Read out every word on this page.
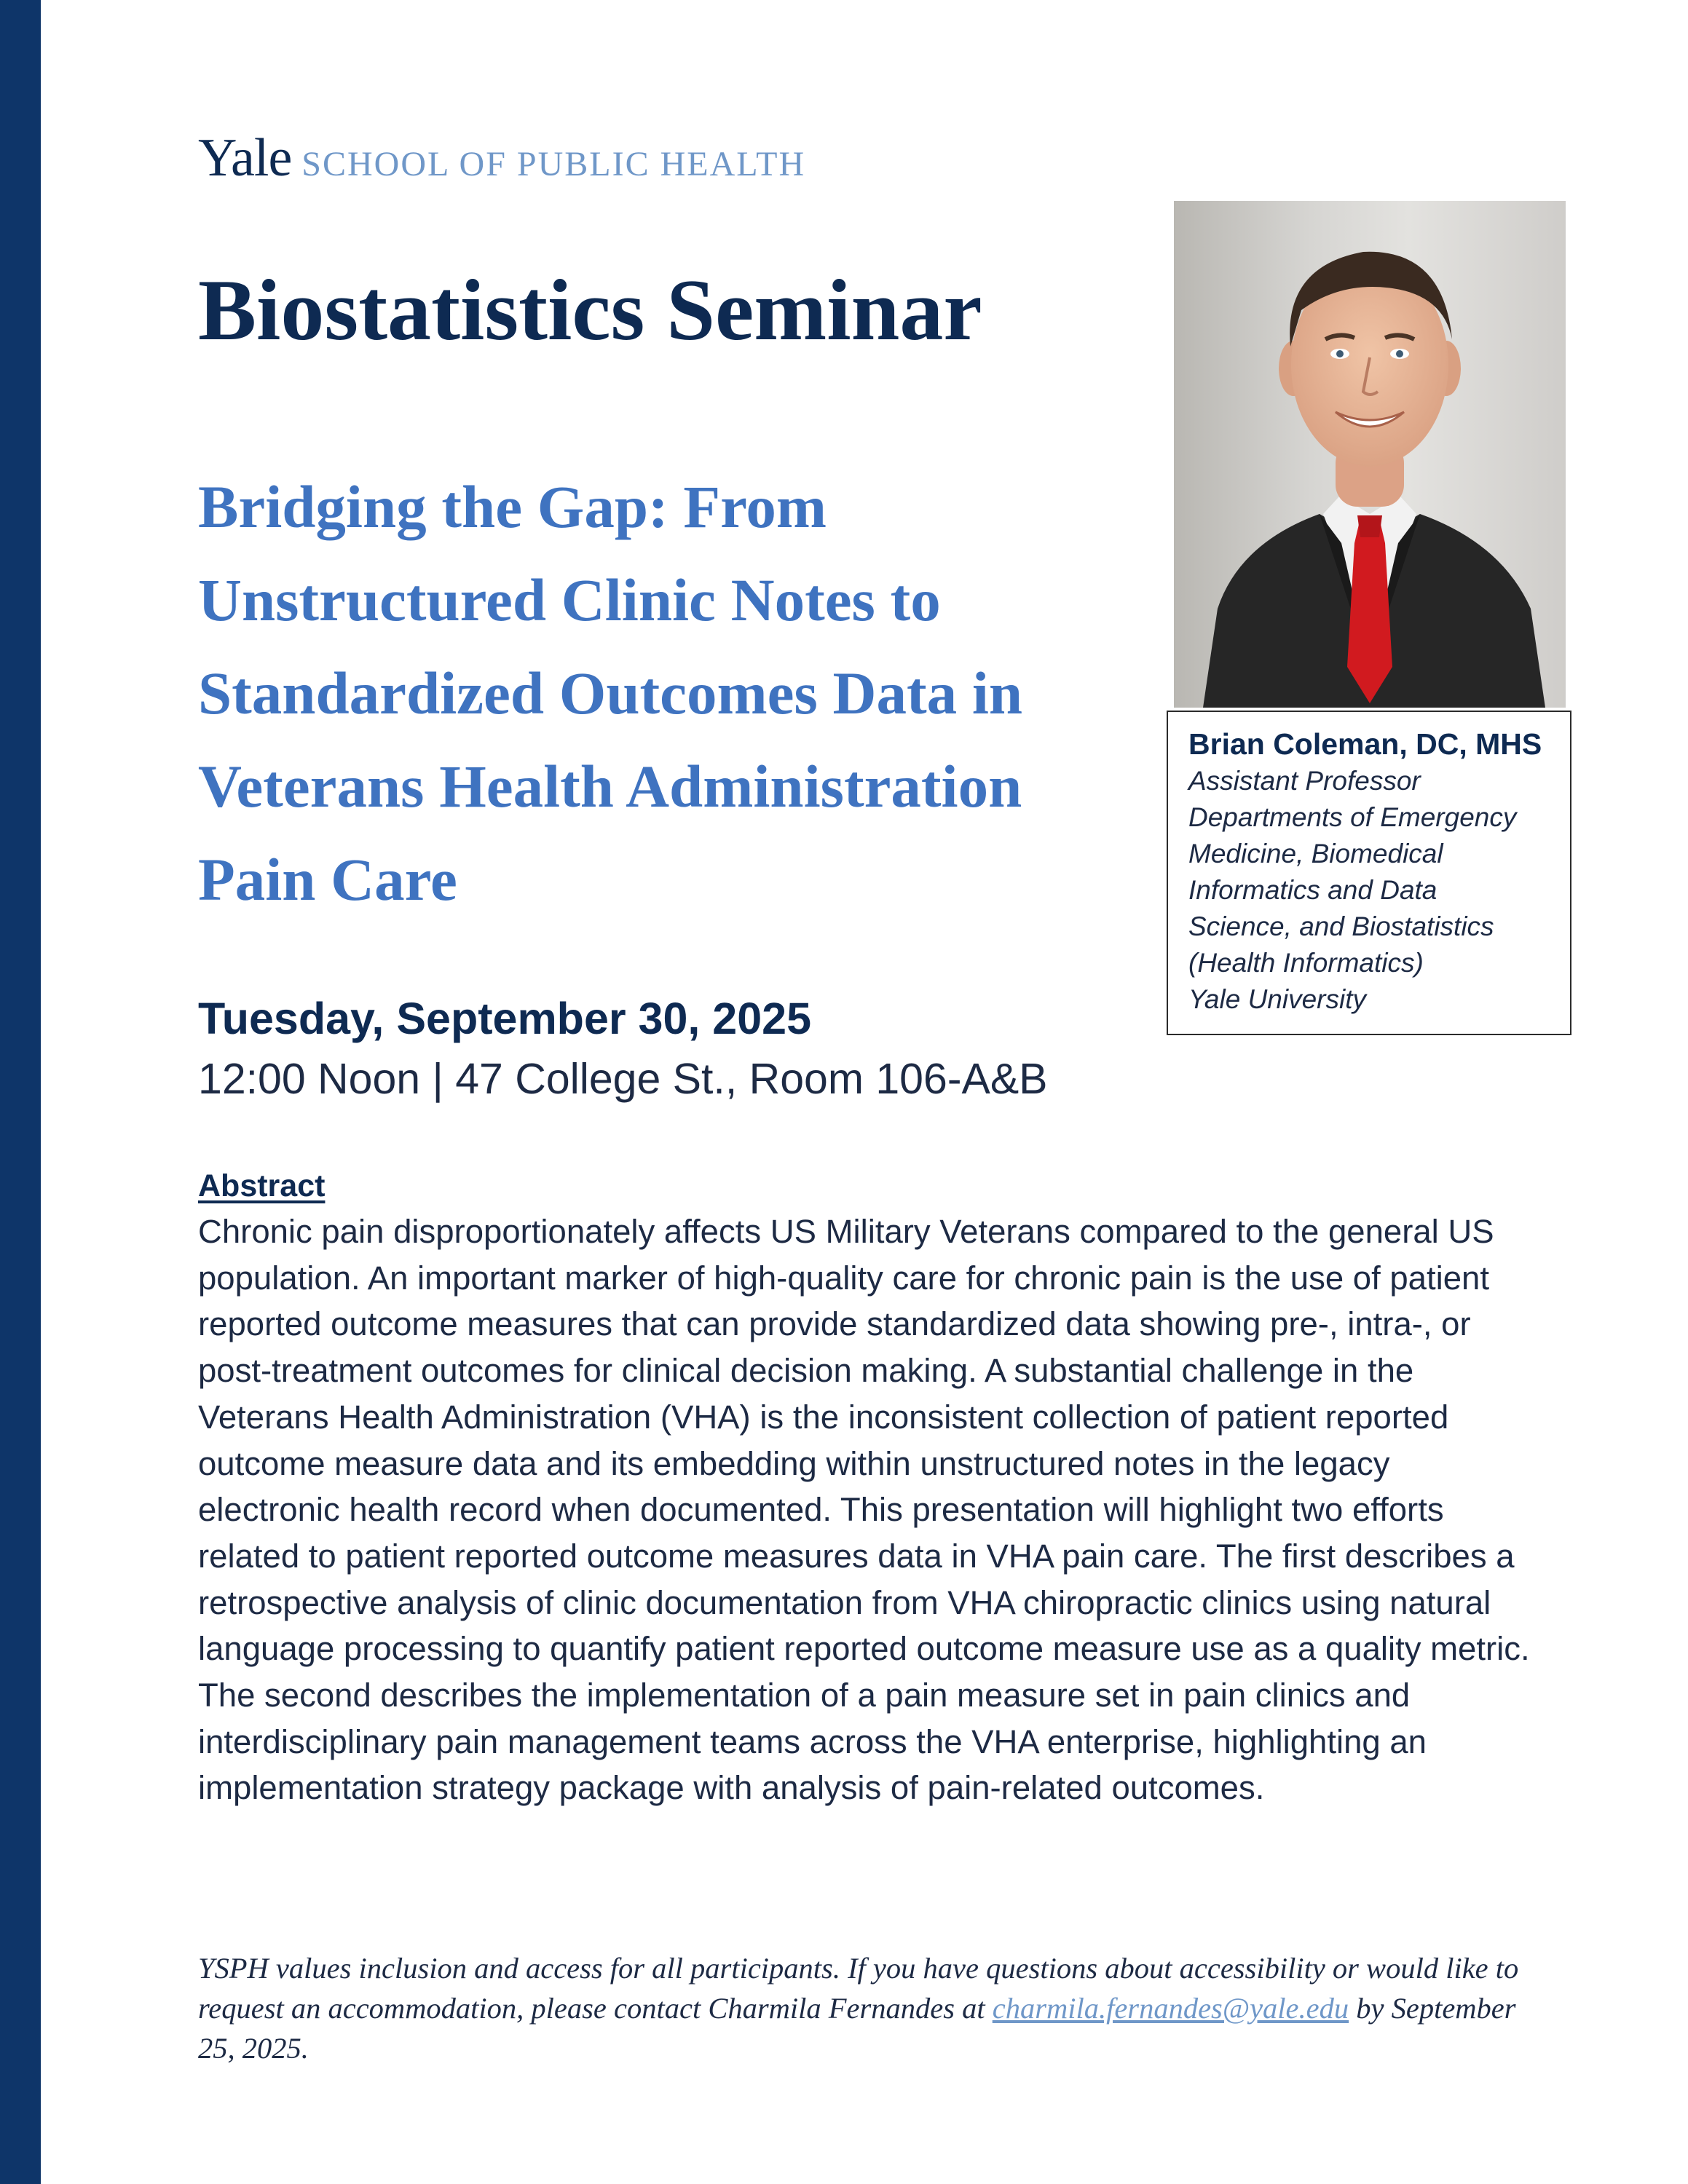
Yale SCHOOL OF PUBLIC HEALTH
Biostatistics Seminar
Bridging the Gap: From Unstructured Clinic Notes to Standardized Outcomes Data in Veterans Health Administration Pain Care

Tuesday, September 30, 2025

12:00 Noon | 47 College St., Room 106-A&B

Brian Coleman, DC, MHS

Assistant Professor

Departments of Emergency

Medicine, Biomedical

Informatics and Data

Science, and Biostatistics

(Health Informatics)

Yale University

Abstract

Chronic pain disproportionately affects US Military Veterans compared to the general US population. An important marker of high-quality care for chronic pain is the use of patient reported outcome measures that can provide standardized data showing pre-, intra-, or post-treatment outcomes for clinical decision making. A substantial challenge in the Veterans Health Administration (VHA) is the inconsistent collection of patient reported outcome measure data and its embedding within unstructured notes in the legacy electronic health record when documented. This presentation will highlight two efforts related to patient reported outcome measures data in VHA pain care. The first describes a retrospective analysis of clinic documentation from VHA chiropractic clinics using natural language processing to quantify patient reported outcome measure use as a quality metric. The second describes the implementation of a pain measure set in pain clinics and interdisciplinary pain management teams across the VHA enterprise, highlighting an implementation strategy package with analysis of pain-related outcomes.

YSPH values inclusion and access for all participants. If you have questions about accessibility or would like to request an accommodation, please contact Charmila Fernandes at charmila.fernandes@yale.edu by September 25, 2025.
